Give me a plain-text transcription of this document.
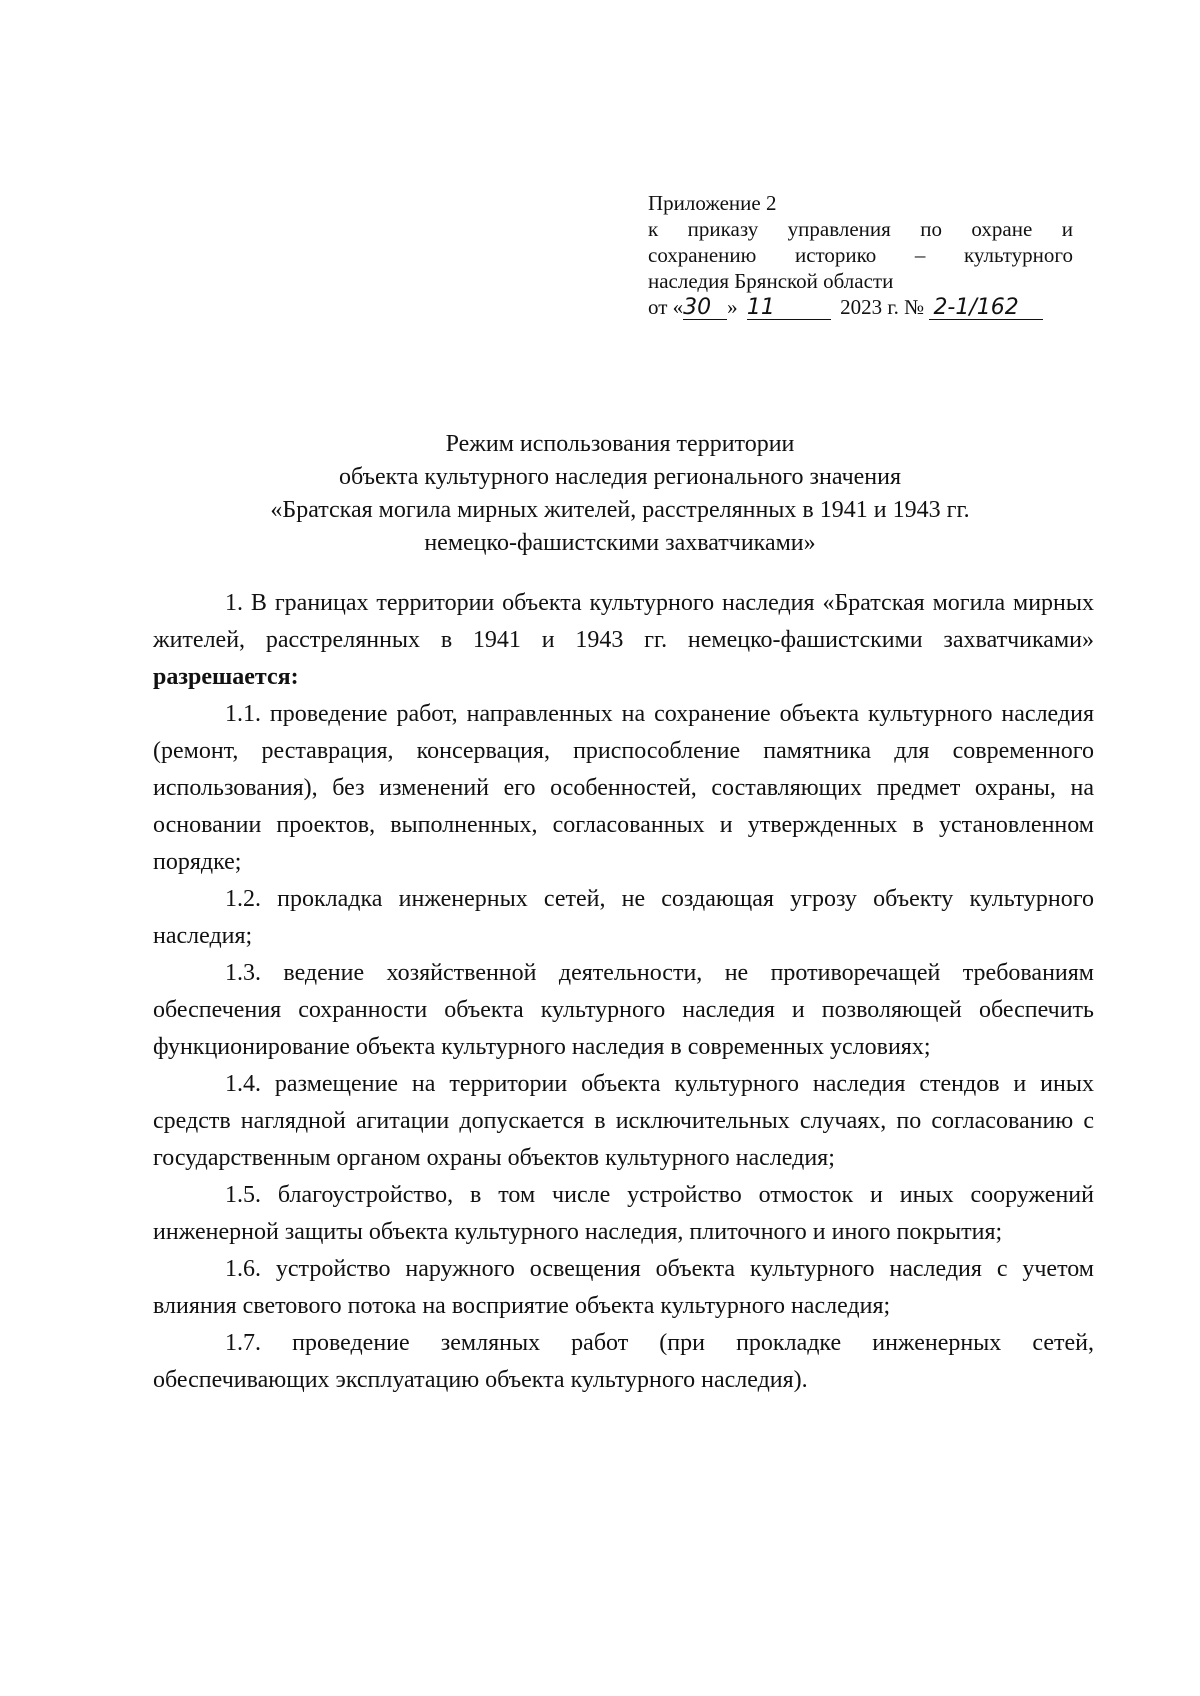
Приложение 2
к приказу управления по охране и
сохранению историко – культурного
наследия Брянской области
от «30 » 11	2023 г. № 2-1/162
Режим использования территории
объекта культурного наследия регионального значения
«Братская могила мирных жителей, расстрелянных в 1941 и 1943 гг.
немецко-фашистскими захватчиками»

1. В границах территории объекта культурного наследия «Братская могила мирных жителей, расстрелянных в 1941 и 1943 гг. немецко-фашистскими захватчиками» разрешается:

1.1. проведение работ, направленных на сохранение объекта культурного наследия (ремонт, реставрация, консервация, приспособление памятника для современного использования), без изменений его особенностей, составляющих предмет охраны, на основании проектов, выполненных, согласованных и утвержденных в установленном порядке;

1.2. прокладка инженерных сетей, не создающая угрозу объекту культурного наследия;

1.3. ведение хозяйственной деятельности, не противоречащей требованиям обеспечения сохранности объекта культурного наследия и позволяющей обеспечить функционирование объекта культурного наследия в современных условиях;

1.4. размещение на территории объекта культурного наследия стендов и иных средств наглядной агитации допускается в исключительных случаях, по согласованию с государственным органом охраны объектов культурного наследия;

1.5. благоустройство, в том числе устройство отмосток и иных сооружений инженерной защиты объекта культурного наследия, плиточного и иного покрытия;

1.6. устройство наружного освещения объекта культурного наследия с учетом влияния светового потока на восприятие объекта культурного наследия;

1.7. проведение земляных работ (при прокладке инженерных сетей, обеспечивающих эксплуатацию объекта культурного наследия).
